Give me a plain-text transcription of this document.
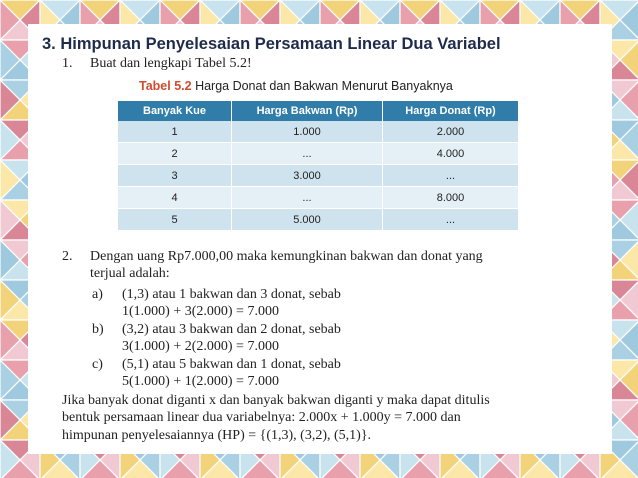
3. Himpunan Penyelesaian Persamaan Linear Dua Variabel
1. Buat dan lengkapi Tabel 5.2!
Tabel 5.2 Harga Donat dan Bakwan Menurut Banyaknya
Banyak Kue	Harga Bakwan (Rp)	Harga Donat (Rp)
1	1.000	2.000
2	...	4.000
3	3.000	...
4	...	8.000
5	5.000	...
2. Dengan uang Rp7.000,00 maka kemungkinan bakwan dan donat yang
terjual adalah:
a) (1,3) atau 1 bakwan dan 3 donat, sebab
1(1.000) + 3(2.000) = 7.000
b) (3,2) atau 3 bakwan dan 2 donat, sebab
3(1.000) + 2(2.000) = 7.000
c) (5,1) atau 5 bakwan dan 1 donat, sebab
5(1.000) + 1(2.000) = 7.000
Jika banyak donat diganti x dan banyak bakwan diganti y maka dapat ditulis
bentuk persamaan linear dua variabelnya: 2.000x + 1.000y = 7.000 dan
himpunan penyelesaiannya (HP) = {(1,3), (3,2), (5,1)}.
